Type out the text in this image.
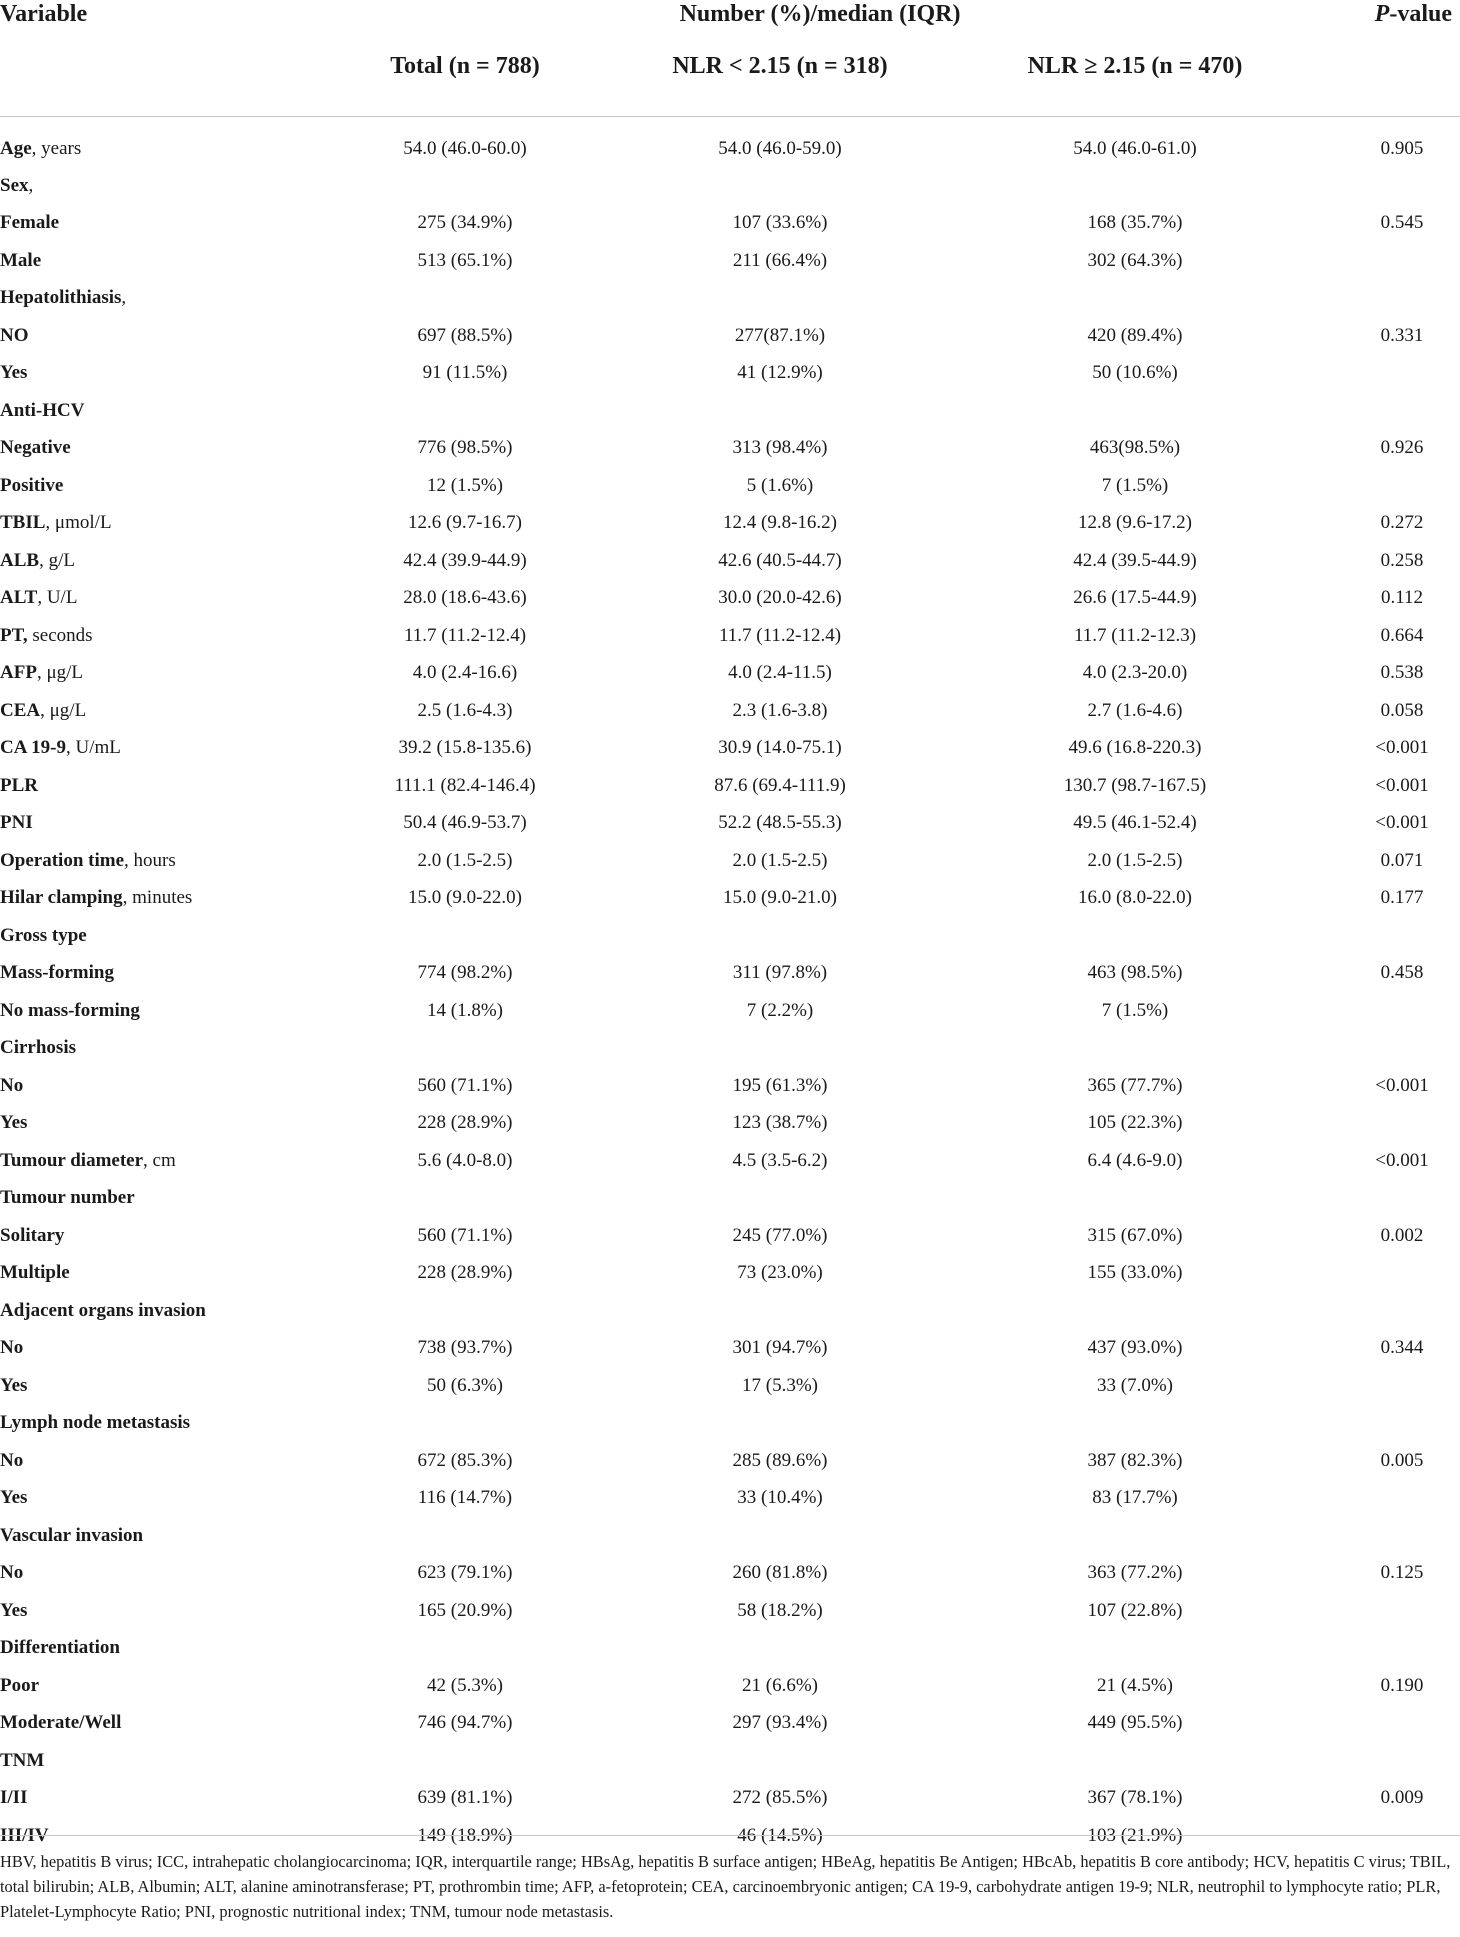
Variable	Number (%)/median (IQR)			P-value
	Total (n = 788)	NLR < 2.15 (n = 318)	NLR ≥ 2.15 (n = 470)	
Age, years	54.0 (46.0-60.0)	54.0 (46.0-59.0)	54.0 (46.0-61.0)	0.905
Sex,				
Female	275 (34.9%)	107 (33.6%)	168 (35.7%)	0.545
Male	513 (65.1%)	211 (66.4%)	302 (64.3%)	
Hepatolithiasis,				
NO	697 (88.5%)	277(87.1%)	420 (89.4%)	0.331
Yes	91 (11.5%)	41 (12.9%)	50 (10.6%)	
Anti-HCV				
Negative	776 (98.5%)	313 (98.4%)	463(98.5%)	0.926
Positive	12 (1.5%)	5 (1.6%)	7 (1.5%)	
TBIL, μmol/L	12.6 (9.7-16.7)	12.4 (9.8-16.2)	12.8 (9.6-17.2)	0.272
ALB, g/L	42.4 (39.9-44.9)	42.6 (40.5-44.7)	42.4 (39.5-44.9)	0.258
ALT, U/L	28.0 (18.6-43.6)	30.0 (20.0-42.6)	26.6 (17.5-44.9)	0.112
PT, seconds	11.7 (11.2-12.4)	11.7 (11.2-12.4)	11.7 (11.2-12.3)	0.664
AFP, μg/L	4.0 (2.4-16.6)	4.0 (2.4-11.5)	4.0 (2.3-20.0)	0.538
CEA, μg/L	2.5 (1.6-4.3)	2.3 (1.6-3.8)	2.7 (1.6-4.6)	0.058
CA 19-9, U/mL	39.2 (15.8-135.6)	30.9 (14.0-75.1)	49.6 (16.8-220.3)	<0.001
PLR	111.1 (82.4-146.4)	87.6 (69.4-111.9)	130.7 (98.7-167.5)	<0.001
PNI	50.4 (46.9-53.7)	52.2 (48.5-55.3)	49.5 (46.1-52.4)	<0.001
Operation time, hours	2.0 (1.5-2.5)	2.0 (1.5-2.5)	2.0 (1.5-2.5)	0.071
Hilar clamping, minutes	15.0 (9.0-22.0)	15.0 (9.0-21.0)	16.0 (8.0-22.0)	0.177
Gross type				
Mass-forming	774 (98.2%)	311 (97.8%)	463 (98.5%)	0.458
No mass-forming	14 (1.8%)	7 (2.2%)	7 (1.5%)	
Cirrhosis				
No	560 (71.1%)	195 (61.3%)	365 (77.7%)	<0.001
Yes	228 (28.9%)	123 (38.7%)	105 (22.3%)	
Tumour diameter, cm	5.6 (4.0-8.0)	4.5 (3.5-6.2)	6.4 (4.6-9.0)	<0.001
Tumour number				
Solitary	560 (71.1%)	245 (77.0%)	315 (67.0%)	0.002
Multiple	228 (28.9%)	73 (23.0%)	155 (33.0%)	
Adjacent organs invasion				
No	738 (93.7%)	301 (94.7%)	437 (93.0%)	0.344
Yes	50 (6.3%)	17 (5.3%)	33 (7.0%)	
Lymph node metastasis				
No	672 (85.3%)	285 (89.6%)	387 (82.3%)	0.005
Yes	116 (14.7%)	33 (10.4%)	83 (17.7%)	
Vascular invasion				
No	623 (79.1%)	260 (81.8%)	363 (77.2%)	0.125
Yes	165 (20.9%)	58 (18.2%)	107 (22.8%)	
Differentiation				
Poor	42 (5.3%)	21 (6.6%)	21 (4.5%)	0.190
Moderate/Well	746 (94.7%)	297 (93.4%)	449 (95.5%)	
TNM				
I/II	639 (81.1%)	272 (85.5%)	367 (78.1%)	0.009
III/IV	149 (18.9%)	46 (14.5%)	103 (21.9%)	
HBV, hepatitis B virus; ICC, intrahepatic cholangiocarcinoma; IQR, interquartile range; HBsAg, hepatitis B surface antigen; HBeAg, hepatitis Be Antigen; HBcAb, hepatitis B core antibody; HCV, hepatitis C virus; TBIL, total bilirubin; ALB, Albumin; ALT, alanine aminotransferase; PT, prothrombin time; AFP, a-fetoprotein; CEA, carcinoembryonic antigen; CA 19-9, carbohydrate antigen 19-9; NLR, neutrophil to lymphocyte ratio; PLR, Platelet-Lymphocyte Ratio; PNI, prognostic nutritional index; TNM, tumour node metastasis.
